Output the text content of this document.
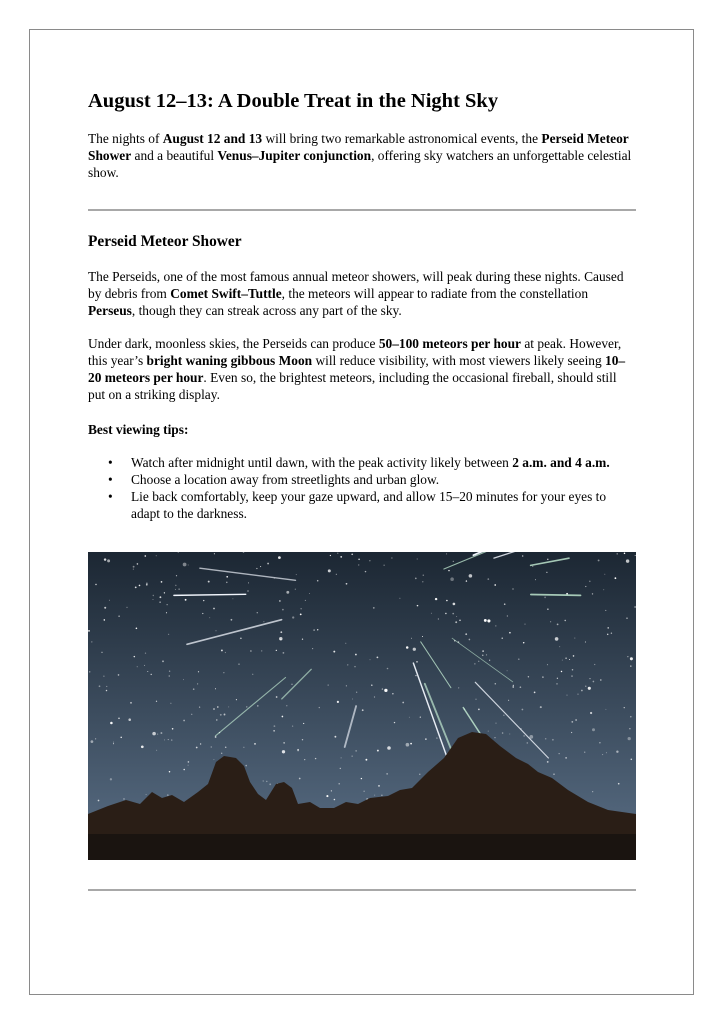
August 12–13: A Double Treat in the Night Sky

The nights of August 12 and 13 will bring two remarkable astronomical events, the Perseid Meteor Shower and a beautiful Venus–Jupiter conjunction, offering sky watchers an unforgettable celestial show.

Perseid Meteor Shower

The Perseids, one of the most famous annual meteor showers, will peak during these nights. Caused by debris from Comet Swift–Tuttle, the meteors will appear to radiate from the constellation Perseus, though they can streak across any part of the sky.

Under dark, moonless skies, the Perseids can produce 50–100 meteors per hour at peak. However, this year’s bright waning gibbous Moon will reduce visibility, with most viewers likely seeing 10–20 meteors per hour. Even so, the brightest meteors, including the occasional fireball, should still put on a striking display.

Best viewing tips:

• Watch after midnight until dawn, with the peak activity likely between 2 a.m. and 4 a.m.
• Choose a location away from streetlights and urban glow.
• Lie back comfortably, keep your gaze upward, and allow 15–20 minutes for your eyes to adapt to the darkness.
